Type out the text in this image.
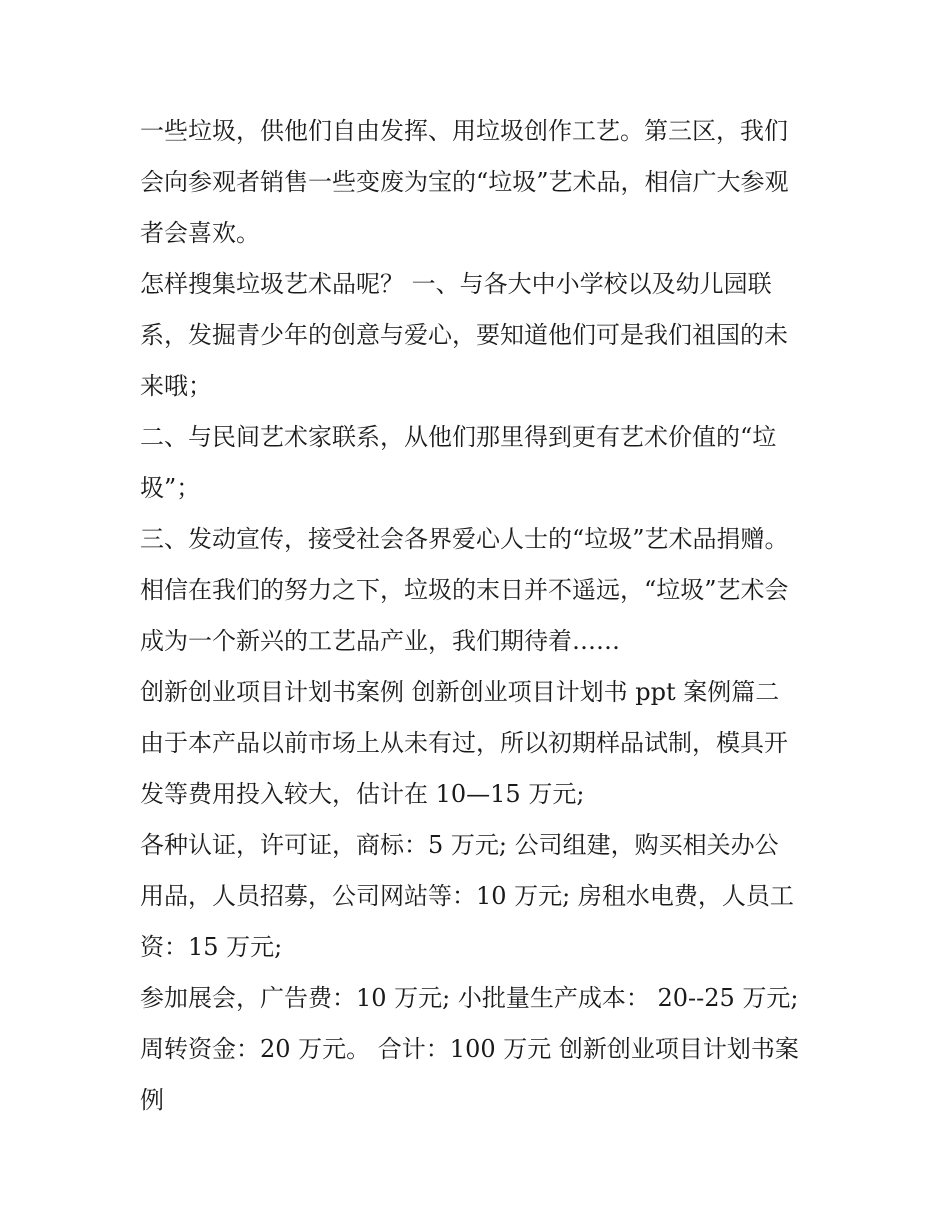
一些垃圾，供他们自由发挥、用垃圾创作工艺。第三区，我们
会向参观者销售一些变废为宝的“垃圾”艺术品，相信广大参观
者会喜欢。

怎样搜集垃圾艺术品呢？ 一、与各大中小学校以及幼儿园联
系，发掘青少年的创意与爱心，要知道他们可是我们祖国的未
来哦；

二、与民间艺术家联系，从他们那里得到更有艺术价值的“垃
圾”；

三、发动宣传，接受社会各界爱心人士的“垃圾”艺术品捐赠。

相信在我们的努力之下，垃圾的末日并不遥远，“垃圾”艺术会
成为一个新兴的工艺品产业，我们期待着……

创新创业项目计划书案例 创新创业项目计划书 ppt 案例篇二

由于本产品以前市场上从未有过，所以初期样品试制，模具开
发等费用投入较大，估计在 10—15 万元;

各种认证，许可证，商标：5 万元; 公司组建，购买相关办公
用品，人员招募，公司网站等：10 万元; 房租水电费，人员工
资：15 万元;

参加展会，广告费：10 万元; 小批量生产成本： 20--25 万元;

周转资金：20 万元。 合计：100 万元 创新创业项目计划书案
例
